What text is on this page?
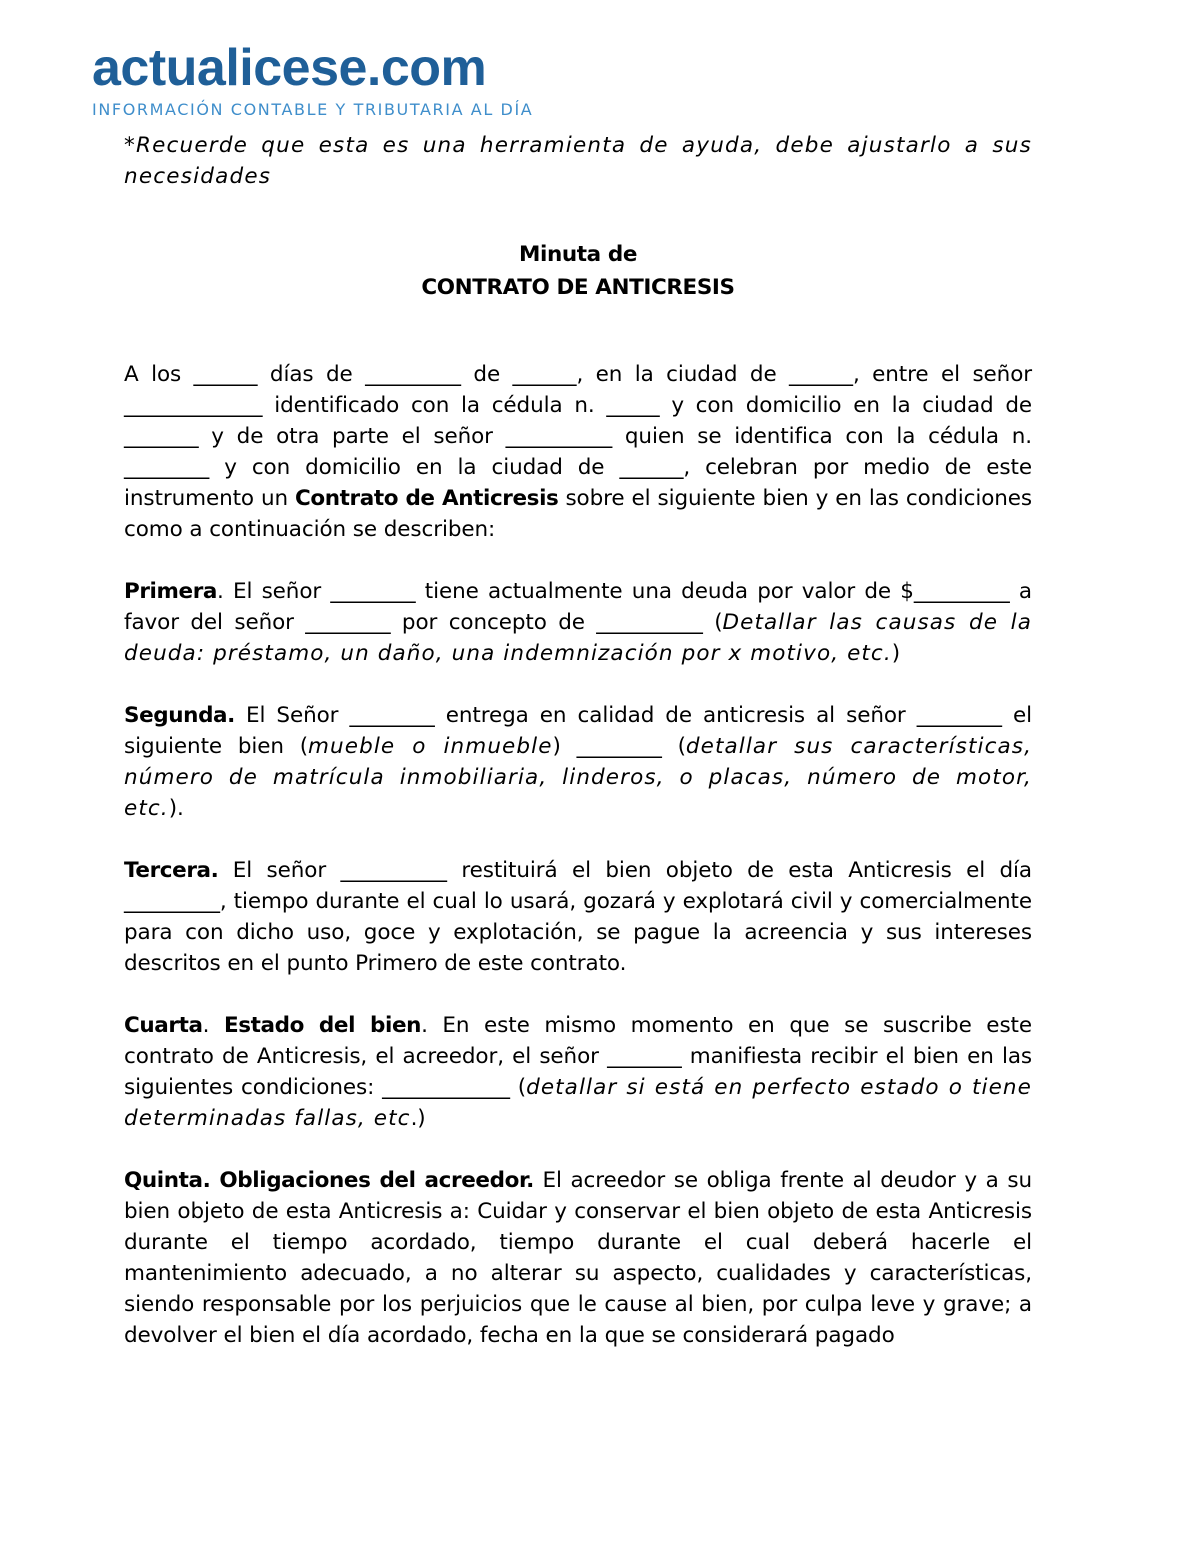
actualicese.com
INFORMACIÓN CONTABLE Y TRIBUTARIA AL DÍA

*Recuerde que esta es una herramienta de ayuda, debe ajustarlo a sus necesidades

Minuta de
CONTRATO DE ANTICRESIS

A los ______ días de _________ de ______, en la ciudad de ______, entre el señor _____________ identificado con la cédula n. _____ y con domicilio en la ciudad de _______ y de otra parte el señor __________ quien se identifica con la cédula n. ________ y con domicilio en la ciudad de ______, celebran por medio de este instrumento un Contrato de Anticresis sobre el siguiente bien y en las condiciones como a continuación se describen:

Primera. El señor ________ tiene actualmente una deuda por valor de $_________ a favor del señor ________ por concepto de __________ (Detallar las causas de la deuda: préstamo, un daño, una indemnización por x motivo, etc.)

Segunda. El Señor ________ entrega en calidad de anticresis al señor ________ el siguiente bien (mueble o inmueble) ________ (detallar sus características, número de matrícula inmobiliaria, linderos, o placas, número de motor, etc.).

Tercera. El señor __________ restituirá el bien objeto de esta Anticresis el día _________, tiempo durante el cual lo usará, gozará y explotará civil y comercialmente para con dicho uso, goce y explotación, se pague la acreencia y sus intereses descritos en el punto Primero de este contrato.

Cuarta. Estado del bien. En este mismo momento en que se suscribe este contrato de Anticresis, el acreedor, el señor _______ manifiesta recibir el bien en las siguientes condiciones: ____________ (detallar si está en perfecto estado o tiene determinadas fallas, etc.)

Quinta. Obligaciones del acreedor. El acreedor se obliga frente al deudor y a su bien objeto de esta Anticresis a: Cuidar y conservar el bien objeto de esta Anticresis durante el tiempo acordado, tiempo durante el cual deberá hacerle el mantenimiento adecuado, a no alterar su aspecto, cualidades y características, siendo responsable por los perjuicios que le cause al bien, por culpa leve y grave; a devolver el bien el día acordado, fecha en la que se considerará pagado
